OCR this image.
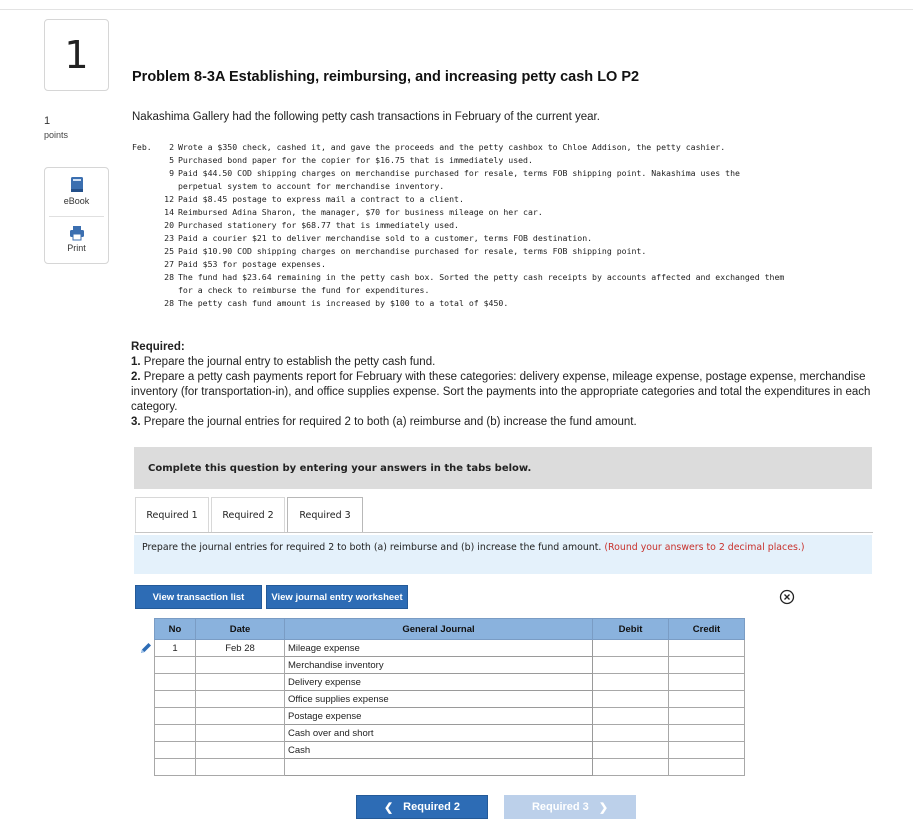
1
1
points
eBook
Print
Problem 8-3A Establishing, reimbursing, and increasing petty cash LO P2
Nakashima Gallery had the following petty cash transactions in February of the current year.
Feb.	2 Wrote a $350 check, cashed it, and gave the proceeds and the petty cashbox to Chloe Addison, the petty cashier.
5 Purchased bond paper for the copier for $16.75 that is immediately used.
9 Paid $44.50 COD shipping charges on merchandise purchased for resale, terms FOB shipping point. Nakashima uses the
perpetual system to account for merchandise inventory.
12 Paid $8.45 postage to express mail a contract to a client.
14 Reimbursed Adina Sharon, the manager, $70 for business mileage on her car.
20 Purchased stationery for $68.77 that is immediately used.
23 Paid a courier $21 to deliver merchandise sold to a customer, terms FOB destination.
25 Paid $10.90 COD shipping charges on merchandise purchased for resale, terms FOB shipping point.
27 Paid $53 for postage expenses.
28 The fund had $23.64 remaining in the petty cash box. Sorted the petty cash receipts by accounts affected and exchanged them
for a check to reimburse the fund for expenditures.
28 The petty cash fund amount is increased by $100 to a total of $450.
Required:
1. Prepare the journal entry to establish the petty cash fund.
2. Prepare a petty cash payments report for February with these categories: delivery expense, mileage expense, postage expense, merchandise inventory (for transportation-in), and office supplies expense. Sort the payments into the appropriate categories and total the expenditures in each category.
3. Prepare the journal entries for required 2 to both (a) reimburse and (b) increase the fund amount.
Complete this question by entering your answers in the tabs below.
Required 1	Required 2	Required 3
Prepare the journal entries for required 2 to both (a) reimburse and (b) increase the fund amount. (Round your answers to 2 decimal places.)
View transaction list	View journal entry worksheet
No	Date	General Journal	Debit	Credit
1	Feb 28	Mileage expense		
		Merchandise inventory		
		Delivery expense		
		Office supplies expense		
		Postage expense		
		Cash over and short		
		Cash		

❮ Required 2	Required 3 ❯
